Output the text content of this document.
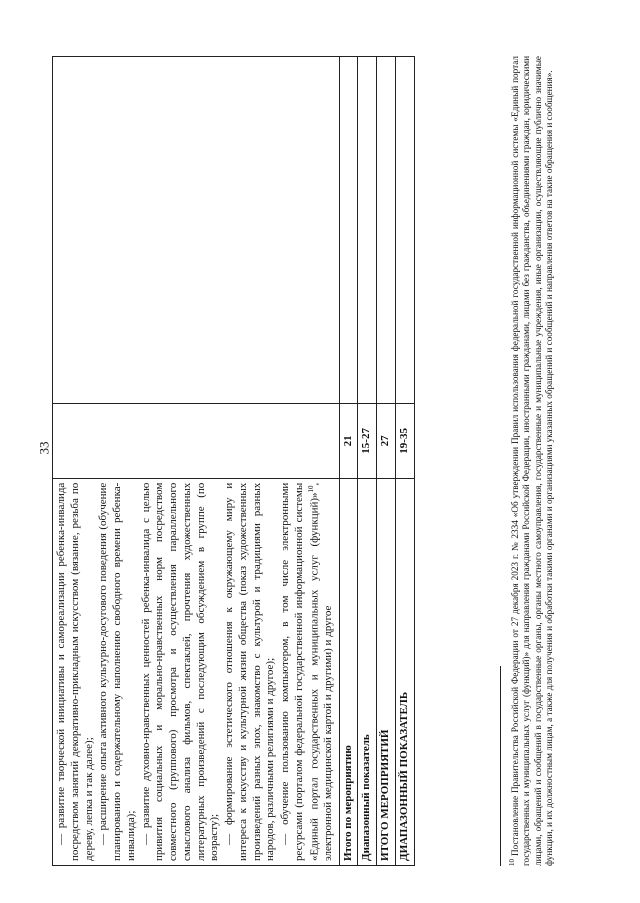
33

— развитие творческой инициативы и самореализации ребенка-инвалида посредством занятий декоративно-прикладным искусством (вязание, резьба по дереву, лепка и так далее); — расширение опыта активного культурно-досугового поведения (обучение планированию и содержательному наполнению свободного времени ребенка-инвалида); — развитие духовно-нравственных ценностей ребенка-инвалида с целью привития социальных и морально-нравственных норм посредством совместного (группового) просмотра и осуществления параллельного смыслового анализа фильмов, спектаклей, прочтения художественных литературных произведений с последующим обсуждением в группе (по возрасту); — формирование эстетического отношения к окружающему миру и интереса к искусству и культурной жизни общества (показ художественных произведений разных эпох, знакомство с культурой и традициями разных народов, различными религиями и другое); — обучение пользованию компьютером, в том числе электронными ресурсами (порталом федеральной государственной информационной системы «Единый портал государственных и муниципальных услуг (функций)»$^{10}$, электронной медицинской картой и другими) и другое		

Итого по мероприятию	21	
Диапазонный показатель	15-27	
ИТОГО МЕРОПРИЯТИЙ	27	
ДИАПАЗОННЫЙ ПОКАЗАТЕЛЬ	19-35	
$^{10}$ Постановление Правительства Российской Федерации от 27 декабря 2023 г. № 2334 «Об утверждении Правил использования федеральной государственной информационной системы «Единый портал государственных и муниципальных услуг (функций)» для направления гражданами Российской Федерации, иностранными гражданами, лицами без гражданства, объединениями граждан, юридическими лицами, обращений и сообщений в государственные органы, органы местного самоуправления, государственные и муниципальные учреждения, иные организации, осуществляющие публично значимые функции, и их должностным лицам, а также для получения и обработки такими органами и организациями указанных обращений и сообщений и направления ответов на такие обращения и сообщения».
